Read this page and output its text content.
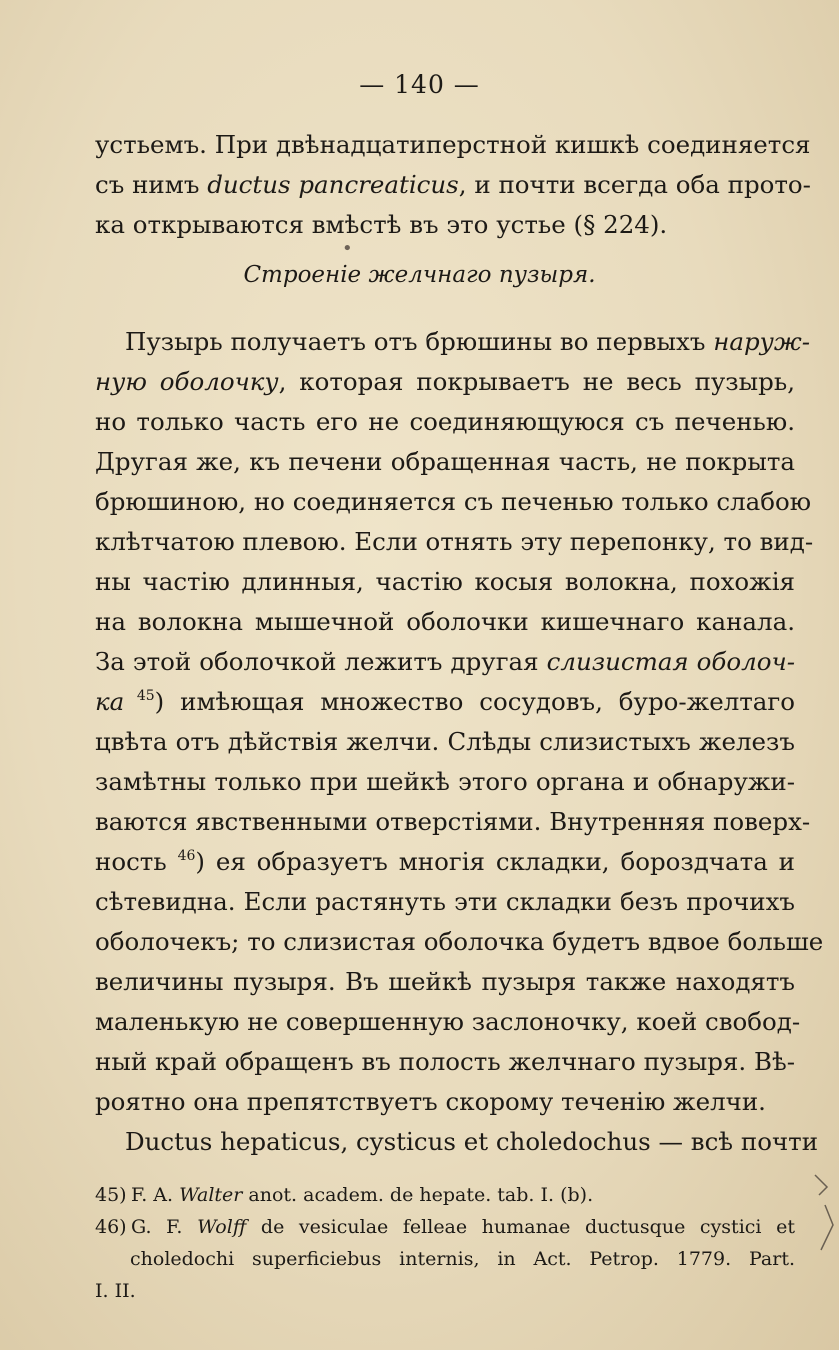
— 140 —
устьемъ. При двѣнадцатиперстной кишкѣ соединяется
съ нимъ ductus pancreaticus, и почти всегда оба прото-
ка открываются вмѣстѣ въ это устье (§ 224).
•
Строеніе желчнаго пузыря.
Пузырь получаетъ отъ брюшины во первыхъ наруж-
ную оболочку, которая покрываетъ не весь пузырь,
но только часть его не соединяющуюся съ печенью.
Другая же, къ печени обращенная часть, не покрыта
брюшиною, но соединяется съ печенью только слабою
клѣтчатою плевою. Если отнять эту перепонку, то вид-
ны частію длинныя, частію косыя волокна, похожія
на волокна мышечной оболочки кишечнаго канала.
За этой оболочкой лежитъ другая слизистая оболоч-
ка $^{45}$) имѣющая множество сосудовъ, буро-желтаго
цвѣта отъ дѣйствія желчи. Слѣды слизистыхъ железъ
замѣтны только при шейкѣ этого органа и обнаружи-
ваются явственными отверстіями. Внутренняя поверх-
ность $^{46}$) ея образуетъ многія складки, бороздчата и
сѣтевидна. Если растянуть эти складки безъ прочихъ
оболочекъ; то слизистая оболочка будетъ вдвое больше
величины пузыря. Въ шейкѣ пузыря также находятъ
маленькую не совершенную заслоночку, коей свобод-
ный край обращенъ въ полость желчнаго пузыря. Вѣ-
роятно она препятствуетъ скорому теченію желчи.
Ductus hepaticus, cysticus et choledochus — всѣ почти
45) F. A. Walter anot. academ. de hepate. tab. I. (b).
46) G. F. Wolff de vesiculae felleae humanae ductusque cystici et
choledochi superficiebus internis, in Act. Petrop. 1779. Part.
I. II.
